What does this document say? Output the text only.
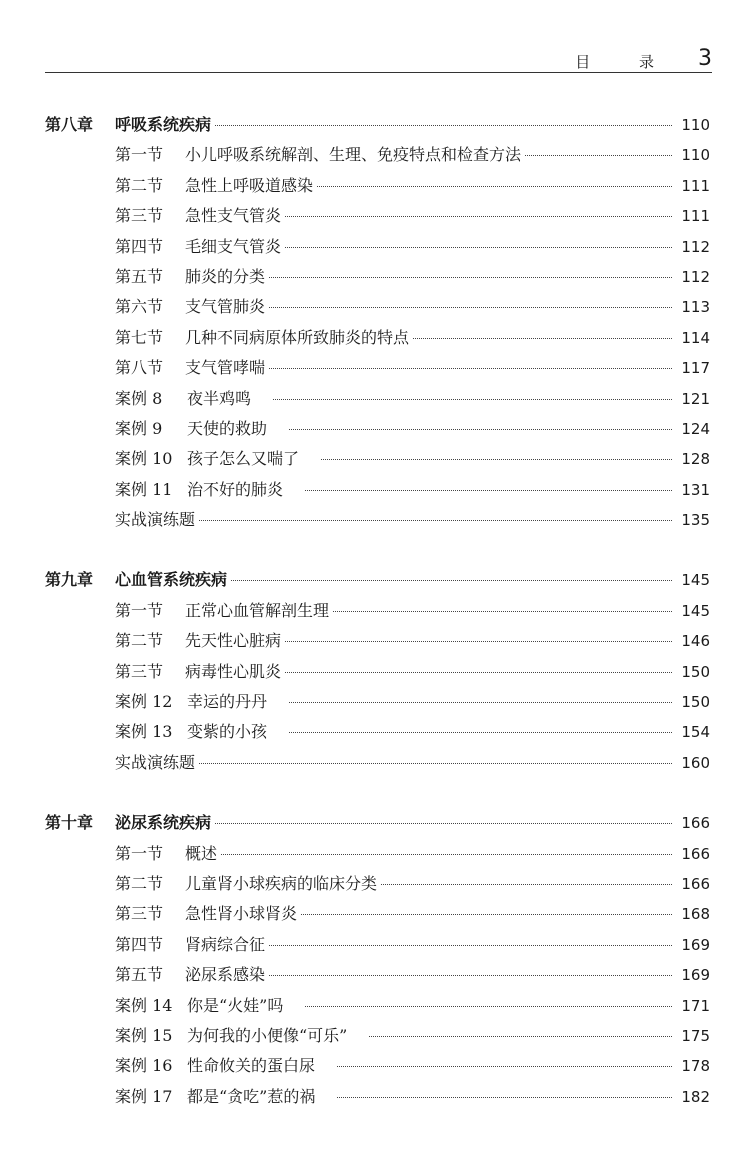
目 录 3
第八章	呼吸系统疾病	110
第一节	小儿呼吸系统解剖、生理、免疫特点和检查方法	110
第二节	急性上呼吸道感染	111
第三节	急性支气管炎	111
第四节	毛细支气管炎	112
第五节	肺炎的分类	112
第六节	支气管肺炎	113
第七节	几种不同病原体所致肺炎的特点	114
第八节	支气管哮喘	117
案例 8	夜半鸡鸣	121
案例 9	天使的救助	124
案例 10 孩子怎么又喘了	128
案例 11 治不好的肺炎	131
实战演练题	135
第九章	心血管系统疾病	145
第一节	正常心血管解剖生理	145
第二节	先天性心脏病	146
第三节	病毒性心肌炎	150
案例 12 幸运的丹丹	150
案例 13 变紫的小孩	154
实战演练题	160
第十章	泌尿系统疾病	166
第一节	概述	166
第二节	儿童肾小球疾病的临床分类	166
第三节	急性肾小球肾炎	168
第四节	肾病综合征	169
第五节	泌尿系感染	169
案例 14 你是“火娃”吗	171
案例 15 为何我的小便像“可乐”	175
案例 16 性命攸关的蛋白尿	178
案例 17 都是“贪吃”惹的祸	182
